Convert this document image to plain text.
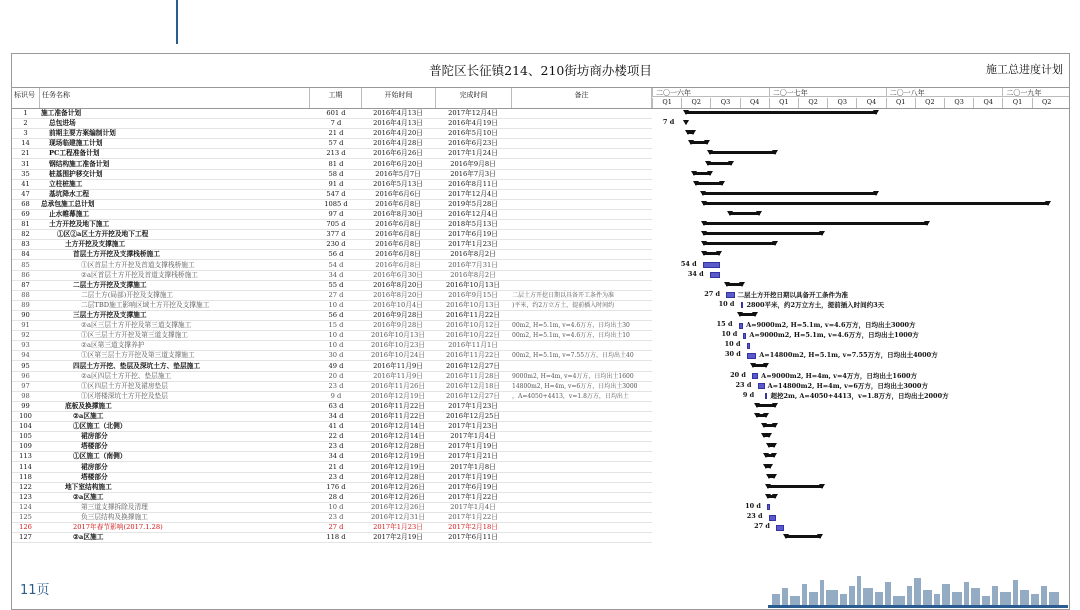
普陀区长征镇214、210街坊商办楼项目	施工总进度计划
标识号	任务名称	工期	开始时间	完成时间	备注	二〇一六年	二〇一七年	二〇一八年	二〇一九年
Q1	Q2	Q3	Q4	Q1	Q2	Q3	Q4	Q1	Q2	Q3	Q4	Q1	Q2
1	施工准备计划	601 d	2016年4月13日	2017年12月4日
2	总包进场	7 d	2016年4月13日	2016年4月19日
3	前期主要方案编制计划	21 d	2016年4月20日	2016年5月10日
14	现场临建施工计划	57 d	2016年4月28日	2016年6月23日
21	PC工程准备计划	213 d	2016年6月26日	2017年1月24日
31	钢结构施工准备计划	81 d	2016年6月20日	2016年9月8日
35	桩基围护移交计划	58 d	2016年5月7日	2016年7月3日
41	立柱桩施工	91 d	2016年5月13日	2016年8月11日
47	基坑降水工程	547 d	2016年6月6日	2017年12月4日
68	总承包施工总计划	1085 d	2016年6月8日	2019年5月28日
69	止水帷幕施工	97 d	2016年8月30日	2016年12月4日
81	土方开挖及地下施工	705 d	2016年6月8日	2018年5月13日
82	①区②a区土方开挖及地下工程	377 d	2016年6月8日	2017年6月19日
83	土方开挖及支撑施工	230 d	2016年6月8日	2017年1月23日
84	首层土方开挖及支撑栈桥施工	56 d	2016年6月8日	2016年8月2日
85	①区首层土方开挖及首道支撑栈桥施工	54 d	2016年6月8日	2016年7月31日
86	②a区首层土方开挖及首道支撑栈桥施工	34 d	2016年6月30日	2016年8月2日
87	二层土方开挖及支撑施工	55 d	2016年8月20日	2016年10月13日
88	二层土方(局部)开挖及支撑施工	27 d	2016年8月20日	2016年9月15日	二层土方开挖日期以具备开工条件为准
89	二层TBD施工影响区域土方开挖及支撑施工	10 d	2016年10月4日	2016年10月13日	)平米，约2万立方土，提前插入时间约
90	三层土方开挖及支撑施工	56 d	2016年9月28日	2016年11月22日
91	②a区三层土方开挖及第三道支撑施工	15 d	2016年9月28日	2016年10月12日	00m2, H=5.1m, v=4.6万方，日均出土30
92	①区三层土方开挖及第三道支撑施工	10 d	2016年10月13日	2016年10月22日	00m2, H=5.1m, v=4.6万方，日均出土10
93	②a区第三道支撑养护	10 d	2016年10月23日	2016年11月1日
94	①区第三层土方开挖及第三道支撑施工	30 d	2016年10月24日	2016年11月22日	00m2, H=5.1m, v=7.55万方，日均出土40
95	四层土方开挖、垫层及深坑土方、垫层施工	49 d	2016年11月9日	2016年12月27日
96	②a区四层土方开挖、垫层施工	20 d	2016年11月9日	2016年11月28日	9000m2, H=4m, v=4万方，日均出土1600
97	①区四层土方开挖及裙房垫层	23 d	2016年11月26日	2016年12月18日	14800m2, H=4m, v=6万方，日均出土3000
98	①区塔楼深坑土方开挖及垫层	9 d	2016年12月19日	2016年12月27日	，A=4050+4413，v=1.8万方，日均出土
99	底板及换撑施工	63 d	2016年11月22日	2017年1月23日
100	②a区施工	34 d	2016年11月22日	2016年12月25日
104	①区施工（北侧）	41 d	2016年12月14日	2017年1月23日
105	裙房部分	22 d	2016年12月14日	2017年1月4日
109	塔楼部分	23 d	2016年12月28日	2017年1月19日
113	①区施工（南侧）	34 d	2016年12月19日	2017年1月21日
114	裙房部分	21 d	2016年12月19日	2017年1月8日
118	塔楼部分	23 d	2016年12月28日	2017年1月19日
122	地下室结构施工	176 d	2016年12月26日	2017年6月19日
123	②a区施工	28 d	2016年12月26日	2017年1月22日
124	第三道支撑拆除及清理	10 d	2016年12月26日	2017年1月4日
125	负三层结构及换撑施工	23 d	2016年12月31日	2017年1月22日
126	2017年春节影响(2017.1.28)	27 d	2017年1月23日	2017年2月18日
127	②a区施工	118 d	2017年2月19日	2017年6月11日
7 d
54 d
34 d
27 d	二层土方开挖日期以具备开工条件为准
10 d 2800平米，约2万立方土，提前插入时间约3天
15 d A=9000m2, H=5.1m, v=4.6万方，日均出土3000方
10 d A=9000m2, H=5.1m, v=4.6万方，日均出土1000方
10 d
30 d	A=14800m2, H=5.1m, v=7.55万方，日均出土4000方
20 d A=9000m2, H=4m, v=4万方，日均出土1600方
23 d A=14800m2, H=4m, v=6万方，日均出土3000方
9 d 超挖2m, A=4050+4413，v=1.8万方，日均出土2000方
10 d
23 d
27 d
11页
